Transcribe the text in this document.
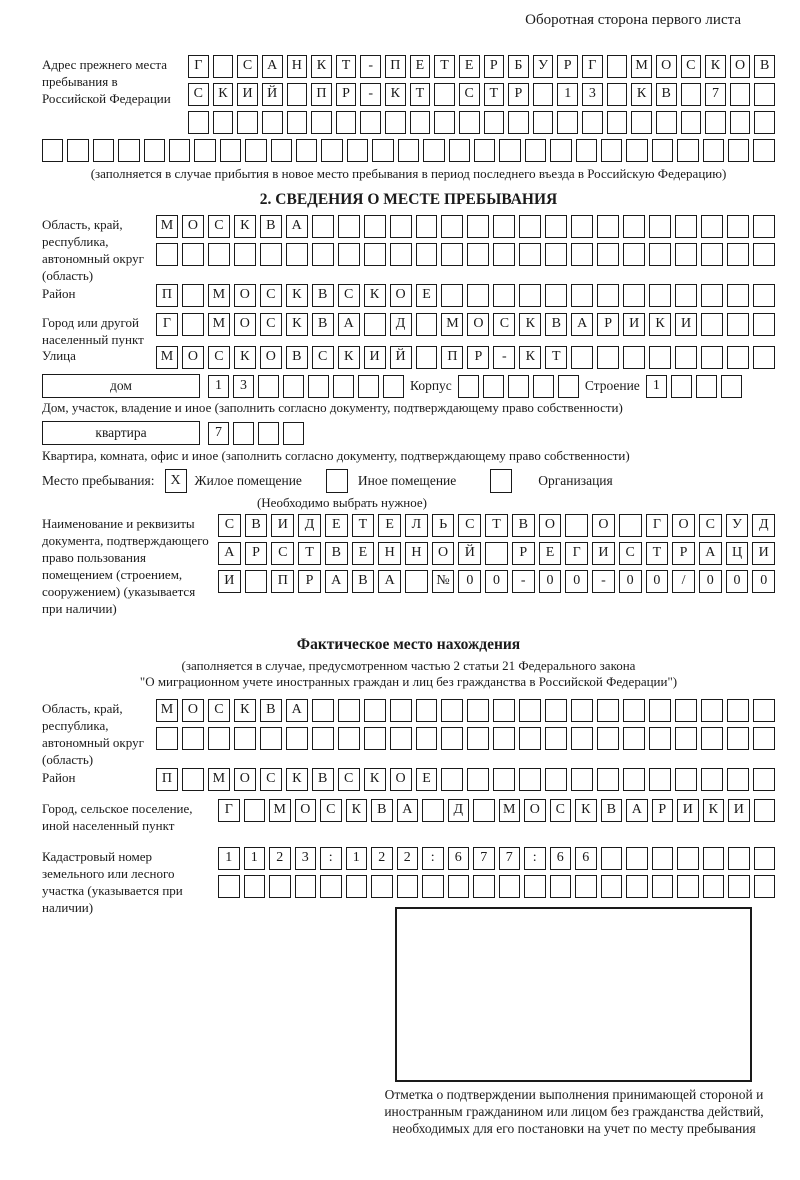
Оборотная сторона первого листа
Адрес прежнего места пребывания в Российской Федерации
Г	С	А	Н	К	Т	-	П	Е	Т	Е	Р	Б	У	Р	Г	М О	С	К	О	В
С	К	И	Й	П	Р	-	К	Т	С	Т	Р	1	3	К	В	7
(заполняется в случае прибытия в новое место пребывания в период последнего въезда в Российскую Федерацию)
2. СВЕДЕНИЯ О МЕСТЕ ПРЕБЫВАНИЯ
Область, край, республика, автономный округ (область)
М	О	С	К	В	А
Район	П	М	О	С	К	В	С	К	О	Е
Город или другой населенный пункт
Г	М	О	С	К	В	А	Д	М	О	С	К	В	А	Р	И	К	И
Улица	М	О	С	К	О	В	С	К	И	Й	П	Р	-	К	Т
дом	1	3	Корпус	Строение 1
Дом, участок, владение и иное (заполнить согласно документу, подтверждающему право собственности)
квартира	7
Квартира, комната, офис и иное (заполнить согласно документу, подтверждающему право собственности)
Место пребывания:	X	Жилое помещение	Иное помещение	Организация
(Необходимо выбрать нужное)
Наименование и реквизиты документа, подтверждающего право пользования помещением (строением, сооружением) (указывается при наличии)
С	В	И	Д	Е	Т	Е	Л	Ь	С	Т	В	О	О	Г	О	С	У	Д
А	Р	С	Т	В	Е	Н	Н	О	Й	Р	Е	Г	И	С	Т	Р	А	Ц	И
И	П	Р	А	В	А	№	0	0	-	0	0	-	0	0	/	0	0	0
Фактическое место нахождения
(заполняется в случае, предусмотренном частью 2 статьи 21 Федерального закона
"О миграционном учете иностранных граждан и лиц без гражданства в Российской Федерации")
Область, край, республика, автономный округ (область)
М	О	С	К	В	А
Район	П	М	О	С	К	В	С	К	О	Е
Город, сельское поселение, иной населенный пункт
Г	М	О	С	К	В	А	Д	М	О	С	К	В	А	Р	И	К	И
Кадастровый номер земельного или лесного участка (указывается при наличии)
1	1	2	3	:	1	2	2	:	6	7	7	:	6	6
Отметка о подтверждении выполнения принимающей стороной и иностранным гражданином или лицом без гражданства действий, необходимых для его постановки на учет по месту пребывания
